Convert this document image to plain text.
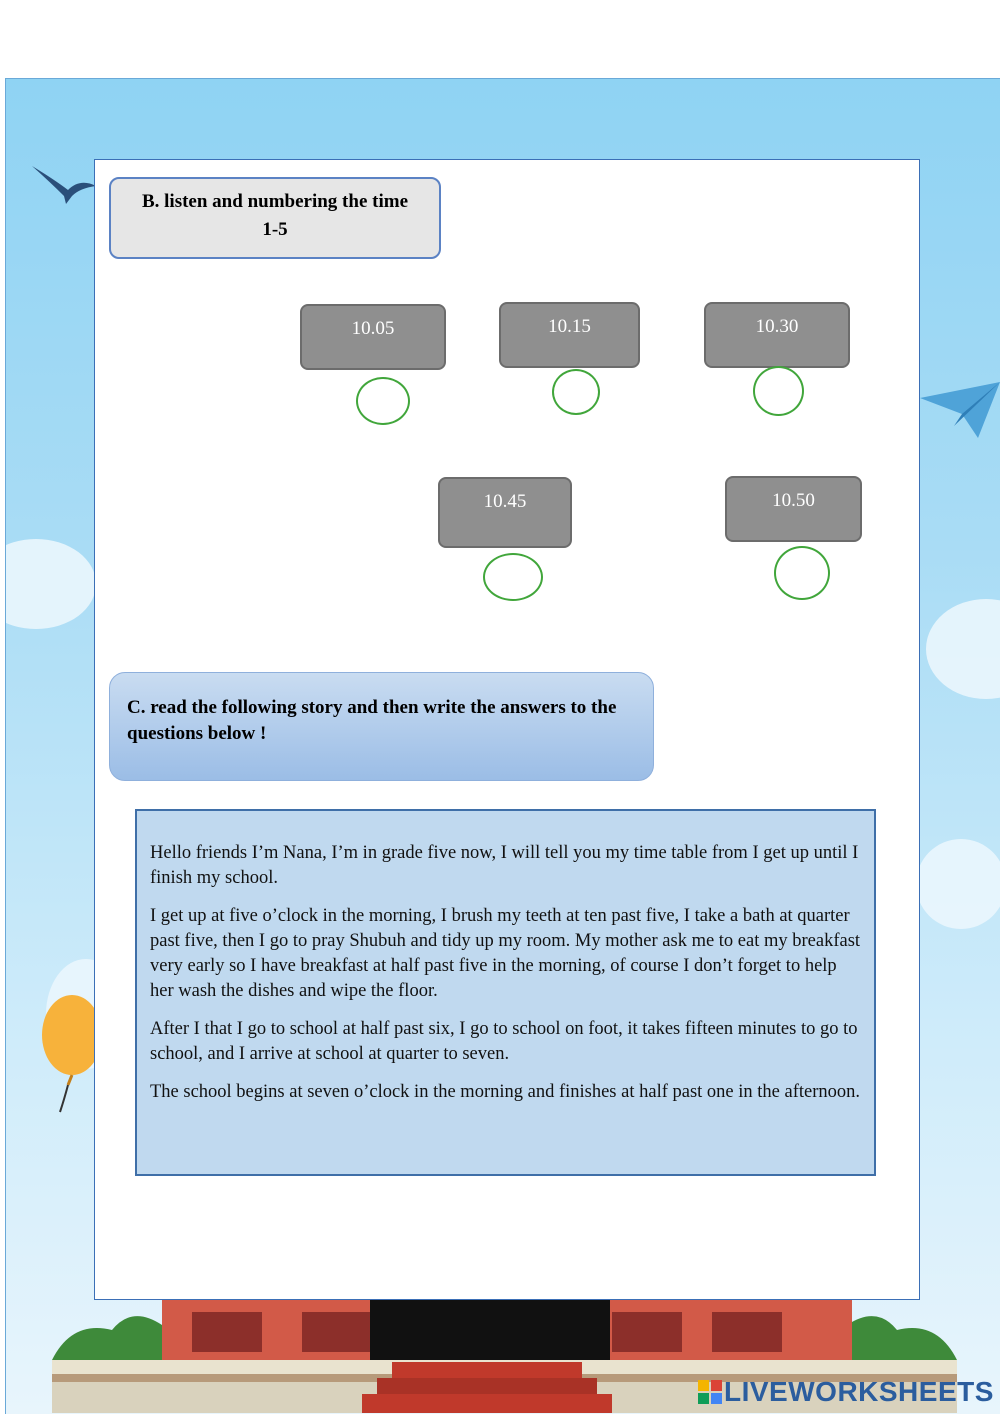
B. listen and numbering the time
1-5
10.05	10.15	10.30
10.45	10.50
C. read the following story and then write the answers to the questions below !

Hello friends I’m Nana, I’m in grade five now, I will tell you my time table from I get up until I finish my school.

I get up at five o’clock in the morning, I brush my teeth at ten past five, I take a bath at quarter past five, then I go to pray Shubuh and tidy up my room. My mother ask me to eat my breakfast very early so I have breakfast at half past five in the morning, of course I don’t forget to help her wash the dishes and wipe the floor.

After I that I go to school at half past six, I go to school on foot, it takes fifteen minutes to go to school, and I arrive at school at quarter to seven.

The school begins at seven o’clock in the morning and finishes at half past one in the afternoon.

LIVEWORKSHEETS
